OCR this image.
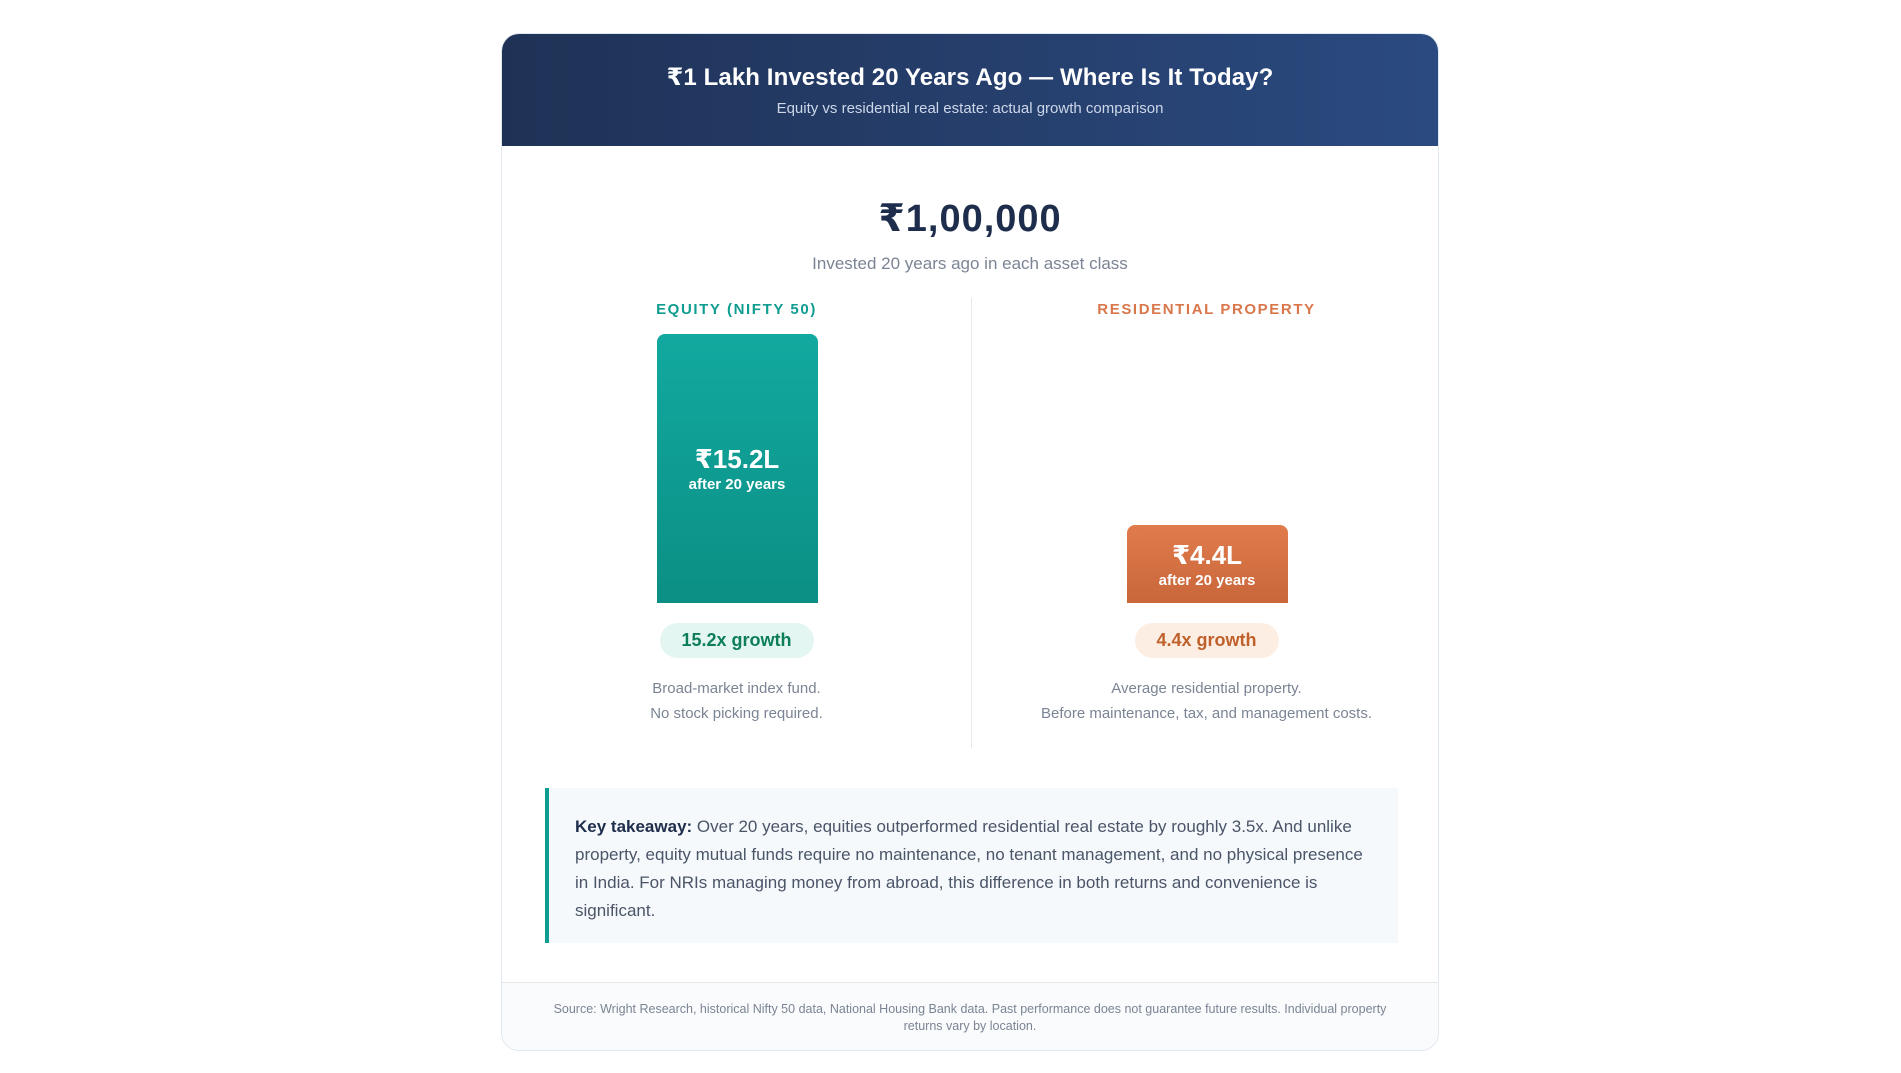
₹1 Lakh Invested 20 Years Ago — Where Is It Today?
Equity vs residential real estate: actual growth comparison
₹1,00,000
Invested 20 years ago in each asset class
EQUITY (NIFTY 50)
₹15.2L
after 20 years
15.2x growth
Broad-market index fund.
No stock picking required.
RESIDENTIAL PROPERTY
₹4.4L
after 20 years
4.4x growth
Average residential property.
Before maintenance, tax, and management costs.
Key takeaway: Over 20 years, equities outperformed residential real estate by roughly 3.5x. And unlike property, equity mutual funds require no maintenance, no tenant management, and no physical presence in India. For NRIs managing money from abroad, this difference in both returns and convenience is significant.
Source: Wright Research, historical Nifty 50 data, National Housing Bank data. Past performance does not guarantee future results. Individual property returns vary by location.
